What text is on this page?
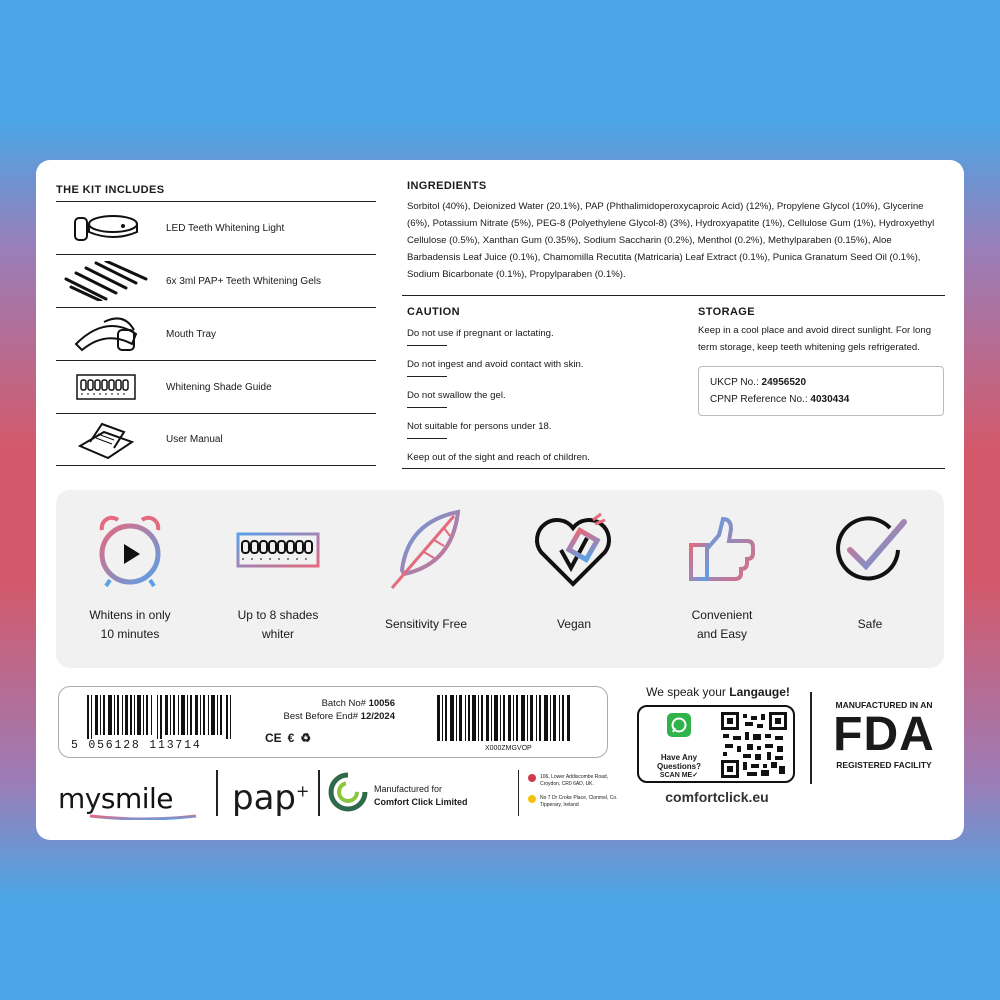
THE KIT INCLUDES
LED Teeth Whitening Light
6x 3ml PAP+ Teeth Whitening Gels
Mouth Tray
Whitening Shade Guide
User Manual
INGREDIENTS
Sorbitol (40%), Deionized Water (20.1%), PAP (Phthalimidoperoxycaproic Acid) (12%), Propylene Glycol (10%), Glycerine (6%), Potassium Nitrate (5%), PEG-8 (Polyethylene Glycol-8) (3%), Hydroxyapatite (1%), Cellulose Gum (1%), Hydroxyethyl Cellulose (0.5%), Xanthan Gum (0.35%), Sodium Saccharin (0.2%), Menthol (0.2%), Methylparaben (0.15%), Aloe Barbadensis Leaf Juice (0.1%), Chamomilla Recutita (Matricaria) Leaf Extract (0.1%), Punica Granatum Seed Oil (0.1%), Sodium Bicarbonate (0.1%), Propylparaben (0.1%).
CAUTION
Do not use if pregnant or lactating.
Do not ingest and avoid contact with skin.
Do not swallow the gel.
Not suitable for persons under 18.
Keep out of the sight and reach of children.
STORAGE
Keep in a cool place and avoid direct sunlight. For long term storage, keep teeth whitening gels refrigerated.
UKCP No.: 24956520
CPNP Reference No.: 4030434
Whitens in only
10 minutes
Up to 8 shades
whiter
Sensitivity Free	Vegan
Convenient
and Easy
Safe
5 056128 113714
Batch No# 10056
Best Before End# 12/2024
CE € ♻
X000ZMGVOP
We speak your Langauge!
Have Any Questions?
SCAN ME✓
comfortclick.eu
MANUFACTURED IN AN
FDA
REGISTERED FACILITY
mysmile pap+	Manufactured for
Comfort Click Limited
106, Lower Addiscombe Road, Croydon, CR0 6AD, UK.
No 7 Dr Croke Place, Clonmel, Co. Tipperary, Ireland
